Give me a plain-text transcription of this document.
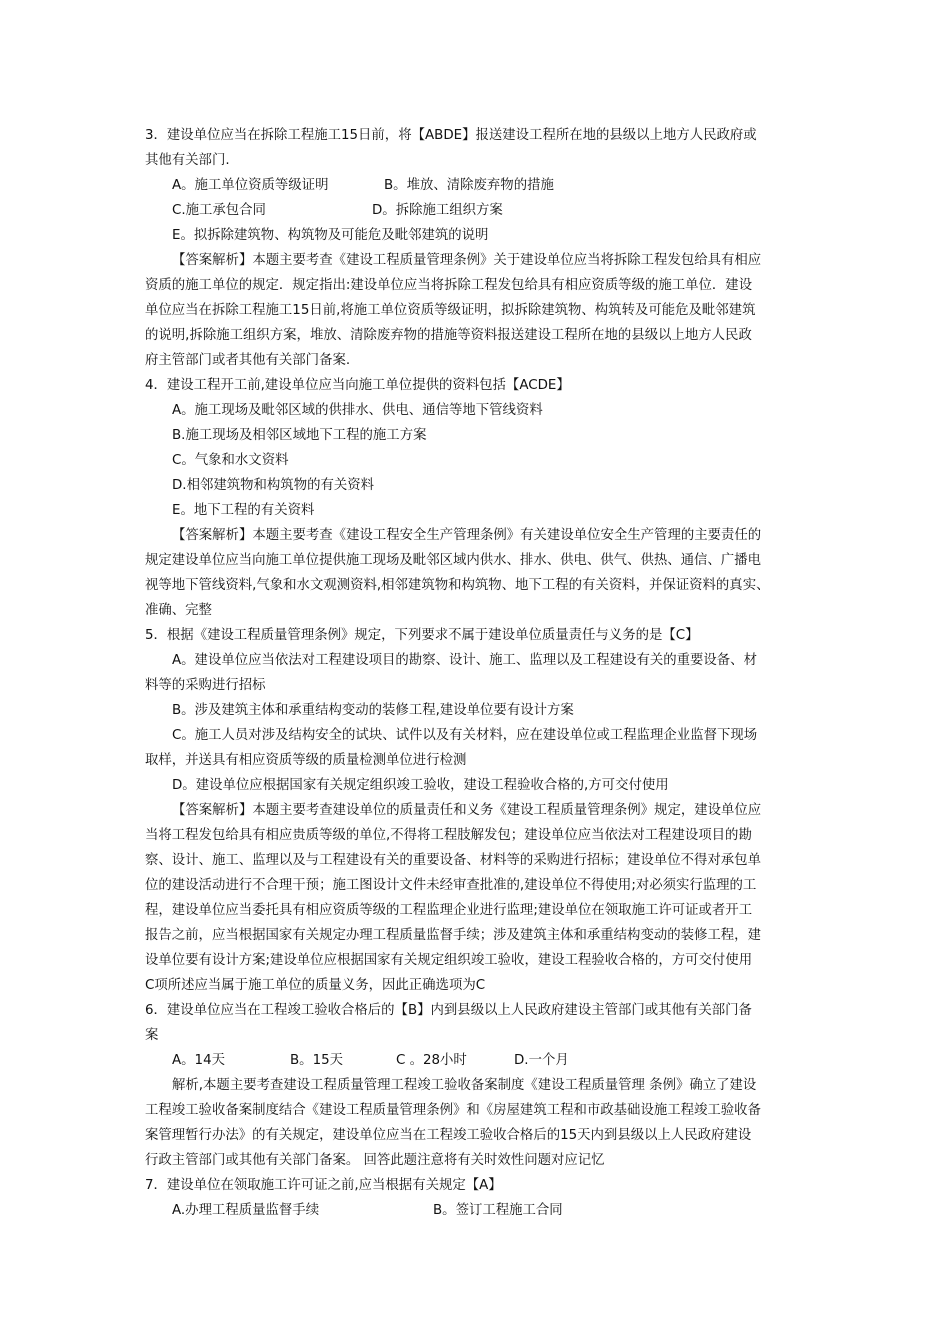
3．建设单位应当在拆除工程施工15日前，将【ABDE】报送建设工程所在地的县级以上地方人民政府或
其他有关部门.
A。施工单位资质等级证明	B。堆放、清除废弃物的措施
C.施工承包合同	D。拆除施工组织方案
E。拟拆除建筑物、构筑物及可能危及毗邻建筑的说明
【答案解析】本题主要考查《建设工程质量管理条例》关于建设单位应当将拆除工程发包给具有相应
资质的施工单位的规定．规定指出:建设单位应当将拆除工程发包给具有相应资质等级的施工单位．建设
单位应当在拆除工程施工15日前,将施工单位资质等级证明，拟拆除建筑物、构筑转及可能危及毗邻建筑
的说明,拆除施工组织方案，堆放、清除废弃物的措施等资料报送建设工程所在地的县级以上地方人民政
府主管部门或者其他有关部门备案.
4．建设工程开工前,建设单位应当向施工单位提供的资料包括【ACDE】
A。施工现场及毗邻区域的供排水、供电、通信等地下管线资料
B.施工现场及相邻区域地下工程的施工方案
C。气象和水文资料
D.相邻建筑物和构筑物的有关资料
E。地下工程的有关资料
【答案解析】本题主要考查《建设工程安全生产管理条例》有关建设单位安全生产管理的主要责任的
规定建设单位应当向施工单位提供施工现场及毗邻区域内供水、排水、供电、供气、供热、通信、广播电
视等地下管线资料,气象和水文观测资料,相邻建筑物和构筑物、地下工程的有关资料，并保证资料的真实、
准确、完整
5．根据《建设工程质量管理条例》规定，下列要求不属于建设单位质量责任与义务的是【C】
A。建设单位应当依法对工程建设项目的勘察、设计、施工、监理以及工程建设有关的重要设备、材
料等的采购进行招标
B。涉及建筑主体和承重结构变动的装修工程,建设单位要有设计方案
C。施工人员对涉及结构安全的试块、试件以及有关材料，应在建设单位或工程监理企业监督下现场
取样，并送具有相应资质等级的质量检测单位进行检测
D。建设单位应根据国家有关规定组织竣工验收，建设工程验收合格的,方可交付使用
【答案解析】本题主要考查建设单位的质量责任和义务《建设工程质量管理条例》规定，建设单位应
当将工程发包给具有相应贵质等级的单位,不得将工程肢解发包；建设单位应当依法对工程建设项目的勘
察、设计、施工、监理以及与工程建设有关的重要设备、材料等的采购进行招标；建设单位不得对承包单
位的建设活动进行不合理干预；施工图设计文件未经审查批准的,建设单位不得使用;对必须实行监理的工
程，建设单位应当委托具有相应资质等级的工程监理企业进行监理;建设单位在领取施工许可证或者开工
报告之前，应当根据国家有关规定办理工程质量监督手续；涉及建筑主体和承重结构变动的装修工程，建
设单位要有设计方案;建设单位应根据国家有关规定组织竣工验收，建设工程验收合格的，方可交付使用
C项所述应当属于施工单位的质量义务，因此正确选项为C
6．建设单位应当在工程竣工验收合格后的【B】内到县级以上人民政府建设主管部门或其他有关部门备
案
A。14天	B。15天	C 。28小时	D.一个月
解析,本题主要考查建设工程质量管理工程竣工验收备案制度《建设工程质量管理 条例》确立了建设
工程竣工验收备案制度结合《建设工程质量管理条例》和《房屋建筑工程和市政基础设施工程竣工验收备
案管理暂行办法》的有关规定，建设单位应当在工程竣工验收合格后的15天内到县级以上人民政府建设
行政主管部门或其他有关部门备案。 回答此题注意将有关时效性问题对应记忆
7．建设单位在领取施工许可证之前,应当根据有关规定【A】
A.办理工程质量监督手续	B。签订工程施工合同
